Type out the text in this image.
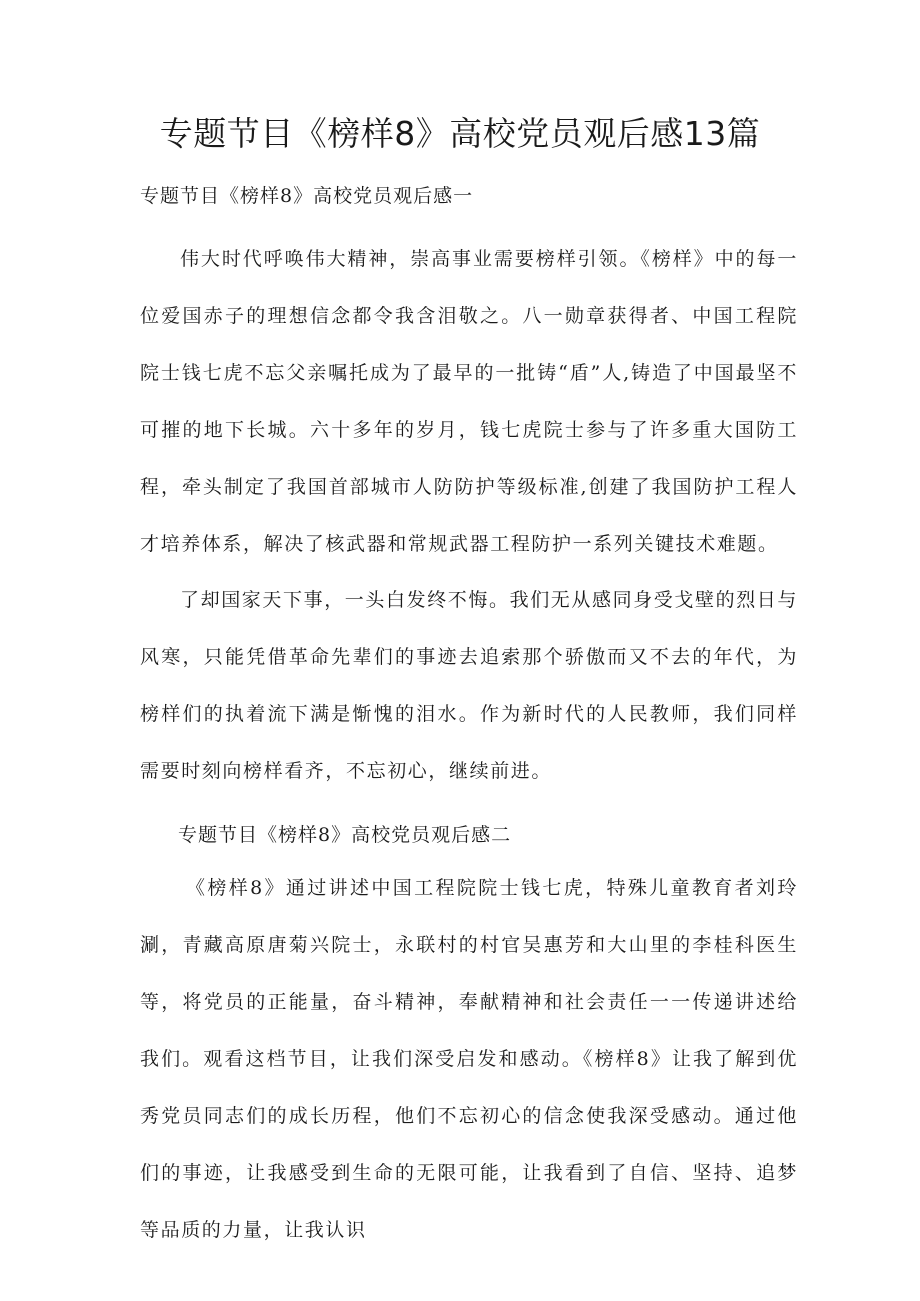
专题节目《榜样8》高校党员观后感13篇

专题节目《榜样8》高校党员观后感一

伟大时代呼唤伟大精神，崇高事业需要榜样引领。《榜样》中的每一位爱国赤子的理想信念都令我含泪敬之。八一勋章获得者、中国工程院院士钱七虎不忘父亲嘱托成为了最早的一批铸“盾”人,铸造了中国最坚不可摧的地下长城。六十多年的岁月，钱七虎院士参与了许多重大国防工程，牵头制定了我国首部城市人防防护等级标准,创建了我国防护工程人才培养体系，解决了核武器和常规武器工程防护一系列关键技术难题。

了却国家天下事，一头白发终不悔。我们无从感同身受戈壁的烈日与风寒，只能凭借革命先辈们的事迹去追索那个骄傲而又不去的年代，为榜样们的执着流下满是惭愧的泪水。作为新时代的人民教师，我们同样需要时刻向榜样看齐，不忘初心，继续前进。

专题节目《榜样8》高校党员观后感二

《榜样8》通过讲述中国工程院院士钱七虎，特殊儿童教育者刘玲涮，青藏高原唐菊兴院士，永联村的村官吴惠芳和大山里的李桂科医生等，将党员的正能量，奋斗精神，奉献精神和社会责任一一传递讲述给我们。观看这档节目，让我们深受启发和感动。《榜样8》让我了解到优秀党员同志们的成长历程，他们不忘初心的信念使我深受感动。通过他们的事迹，让我感受到生命的无限可能，让我看到了自信、坚持、追梦等品质的力量，让我认识
